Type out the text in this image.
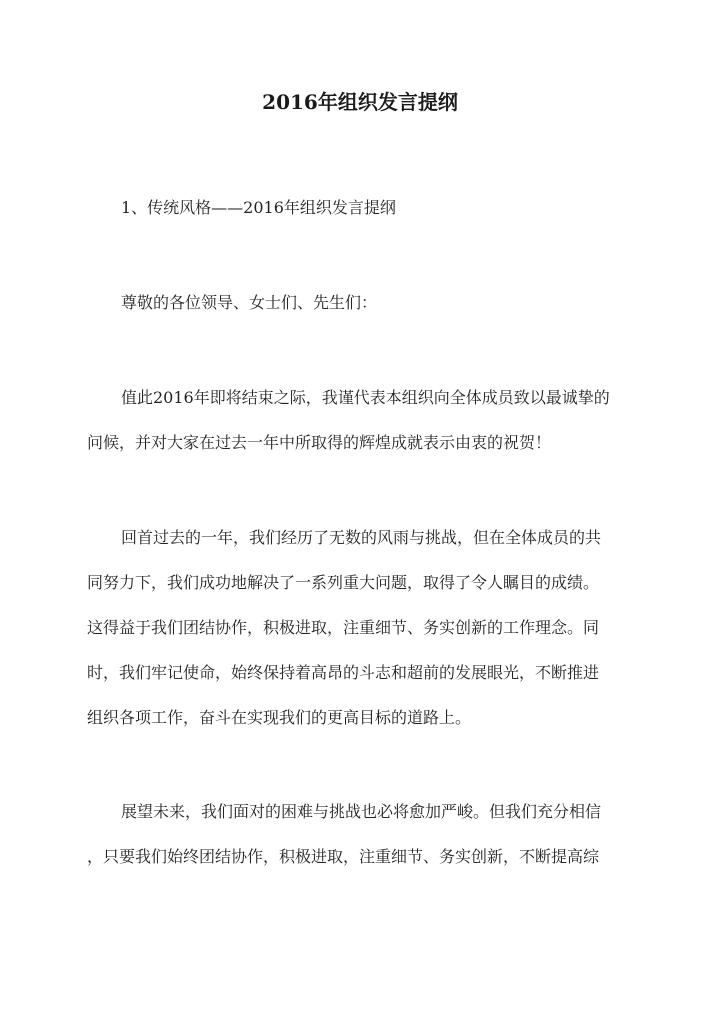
2016年组织发言提纲
1、传统风格——2016年组织发言提纲
尊敬的各位领导、女士们、先生们：
值此2016年即将结束之际，我谨代表本组织向全体成员致以最诚挚的
问候，并对大家在过去一年中所取得的辉煌成就表示由衷的祝贺！
回首过去的一年，我们经历了无数的风雨与挑战，但在全体成员的共
同努力下，我们成功地解决了一系列重大问题，取得了令人瞩目的成绩。
这得益于我们团结协作，积极进取，注重细节、务实创新的工作理念。同
时，我们牢记使命，始终保持着高昂的斗志和超前的发展眼光，不断推进
组织各项工作，奋斗在实现我们的更高目标的道路上。
展望未来，我们面对的困难与挑战也必将愈加严峻。但我们充分相信
，只要我们始终团结协作，积极进取，注重细节、务实创新，不断提高综
